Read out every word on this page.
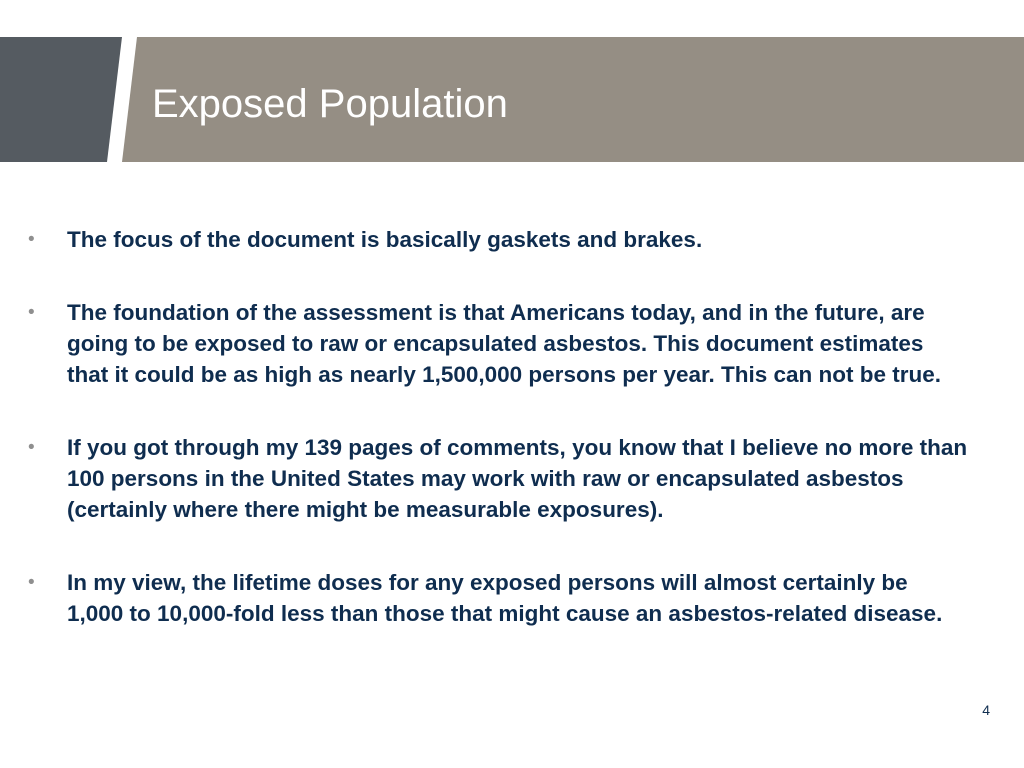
Exposed Population
•	The focus of the document is basically gaskets and brakes.
•	The foundation of the assessment is that Americans today, and in the future, are going to be exposed to raw or encapsulated asbestos. This document estimates that it could be as high as nearly 1,500,000 persons per year. This can not be true.
•	If you got through my 139 pages of comments, you know that I believe no more than 100 persons in the United States may work with raw or encapsulated asbestos (certainly where there might be measurable exposures).
•	In my view, the lifetime doses for any exposed persons will almost certainly be 1,000 to 10,000-fold less than those that might cause an asbestos-related disease.
4
